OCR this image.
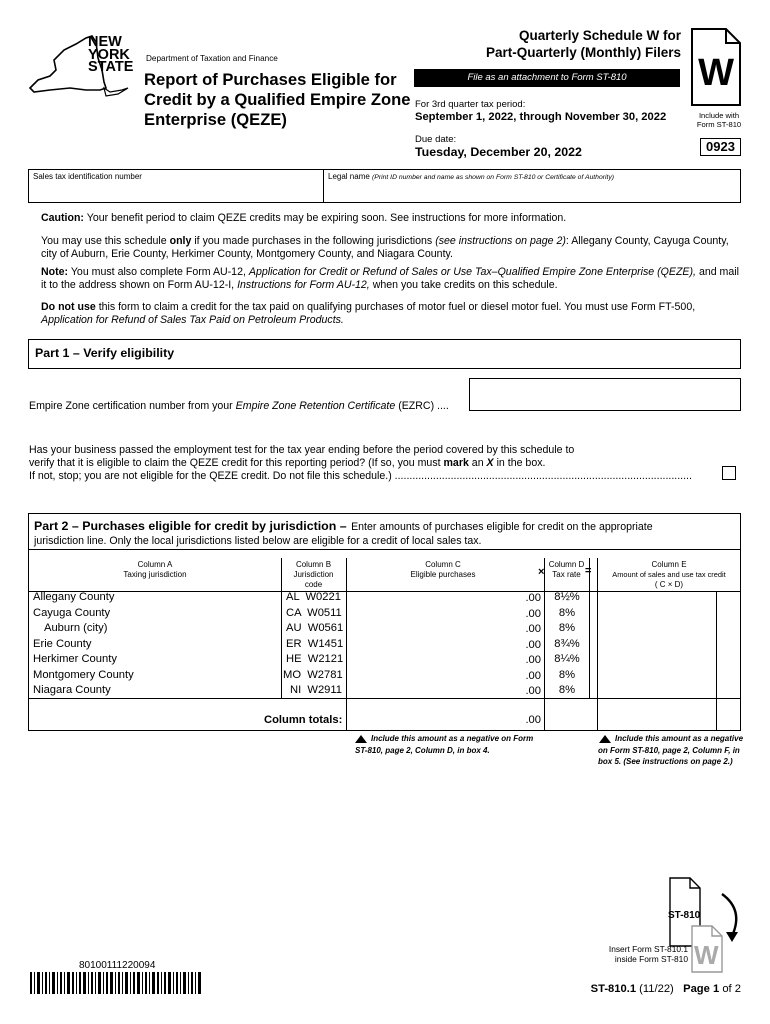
NEW
YORK
STATE
Department of Taxation and Finance
Report of Purchases Eligible for Credit by a Qualified Empire Zone Enterprise (QEZE)
Quarterly Schedule W for
Part-Quarterly (Monthly) Filers
File as an attachment to Form ST-810
For 3rd quarter tax period:
September 1, 2022, through November 30, 2022
Due date:
Tuesday, December 20, 2022
W
Include with Form ST-810
0923
Sales tax identification number	Legal name (Print ID number and name as shown on Form ST-810 or Certificate of Authority)
Caution: Your benefit period to claim QEZE credits may be expiring soon. See instructions for more information.
You may use this schedule only if you made purchases in the following jurisdictions (see instructions on page 2): Allegany County, Cayuga County, city of Auburn, Erie County, Herkimer County, Montgomery County, and Niagara County.
Note: You must also complete Form AU-12, Application for Credit or Refund of Sales or Use Tax–Qualified Empire Zone Enterprise (QEZE), and mail it to the address shown on Form AU-12-I, Instructions for Form AU-12, when you take credits on this schedule.
Do not use this form to claim a credit for the tax paid on qualifying purchases of motor fuel or diesel motor fuel. You must use Form FT-500, Application for Refund of Sales Tax Paid on Petroleum Products.
Part 1 – Verify eligibility
Empire Zone certification number from your Empire Zone Retention Certificate (EZRC) ....
Has your business passed the employment test for the tax year ending before the period covered by this schedule to
verify that it is eligible to claim the QEZE credit for this reporting period? (If so, you must mark an X in the box.
If not, stop; you are not eligible for the QEZE credit. Do not file this schedule.) .....................................................................................................
Part 2 – Purchases eligible for credit by jurisdiction – Enter amounts of purchases eligible for credit on the appropriate
jurisdiction line. Only the local jurisdictions listed below are eligible for a credit of local sales tax.
Column A
Taxing jurisdiction
Column B
Jurisdiction
code
Column C
Eligible purchases
Column D
Tax rate
×	=
Column E
Amount of sales and use tax credit
( C × D)
Allegany County	AL  W0221	.00	8½%
Cayuga County	CA  W0511	.00	8%
Auburn (city)	AU  W0561	.00	8%
Erie County	ER  W1451	.00	8¾%
Herkimer County	HE  W2121	.00	8¼%
Montgomery County	MO  W2781	.00	8%
Niagara County	NI  W2911	.00	8%
Column totals:	.00
Include this amount as a negative on Form ST-810, page 2, Column D, in box 4.
Include this amount as a negative on Form ST-810, page 2, Column F, in box 5. (See instructions on page 2.)
ST-810
W
Insert Form ST-810.1
inside Form ST-810
80100111220094
ST-810.1 (11/22) Page 1 of 2
